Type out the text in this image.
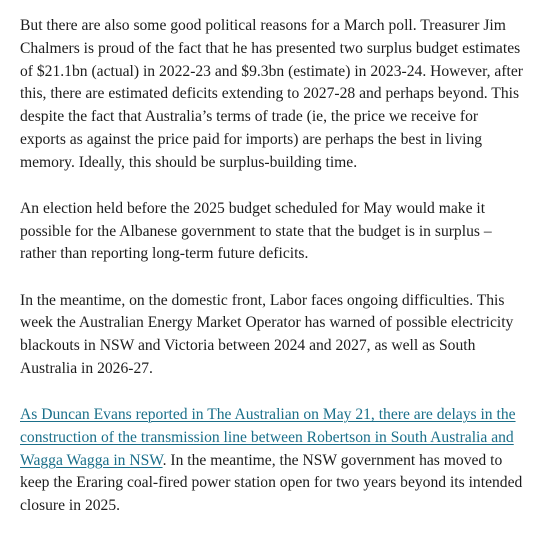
But there are also some good political reasons for a March poll. Treasurer Jim Chalmers is proud of the fact that he has presented two surplus budget estimates of $21.1bn (actual) in 2022-23 and $9.3bn (estimate) in 2023-24. However, after this, there are estimated deficits extending to 2027-28 and perhaps beyond. This despite the fact that Australia’s terms of trade (ie, the price we receive for exports as against the price paid for imports) are perhaps the best in living memory. Ideally, this should be surplus-building time.

An election held before the 2025 budget scheduled for May would make it possible for the Albanese government to state that the budget is in surplus – rather than reporting long-term future deficits.

In the meantime, on the domestic front, Labor faces ongoing difficulties. This week the Australian Energy Market Operator has warned of possible electricity blackouts in NSW and Victoria between 2024 and 2027, as well as South Australia in 2026-27.

As Duncan Evans reported in The Australian on May 21, there are delays in the construction of the transmission line between Robertson in South Australia and Wagga Wagga in NSW. In the meantime, the NSW government has moved to keep the Eraring coal-fired power station open for two years beyond its intended closure in 2025.
